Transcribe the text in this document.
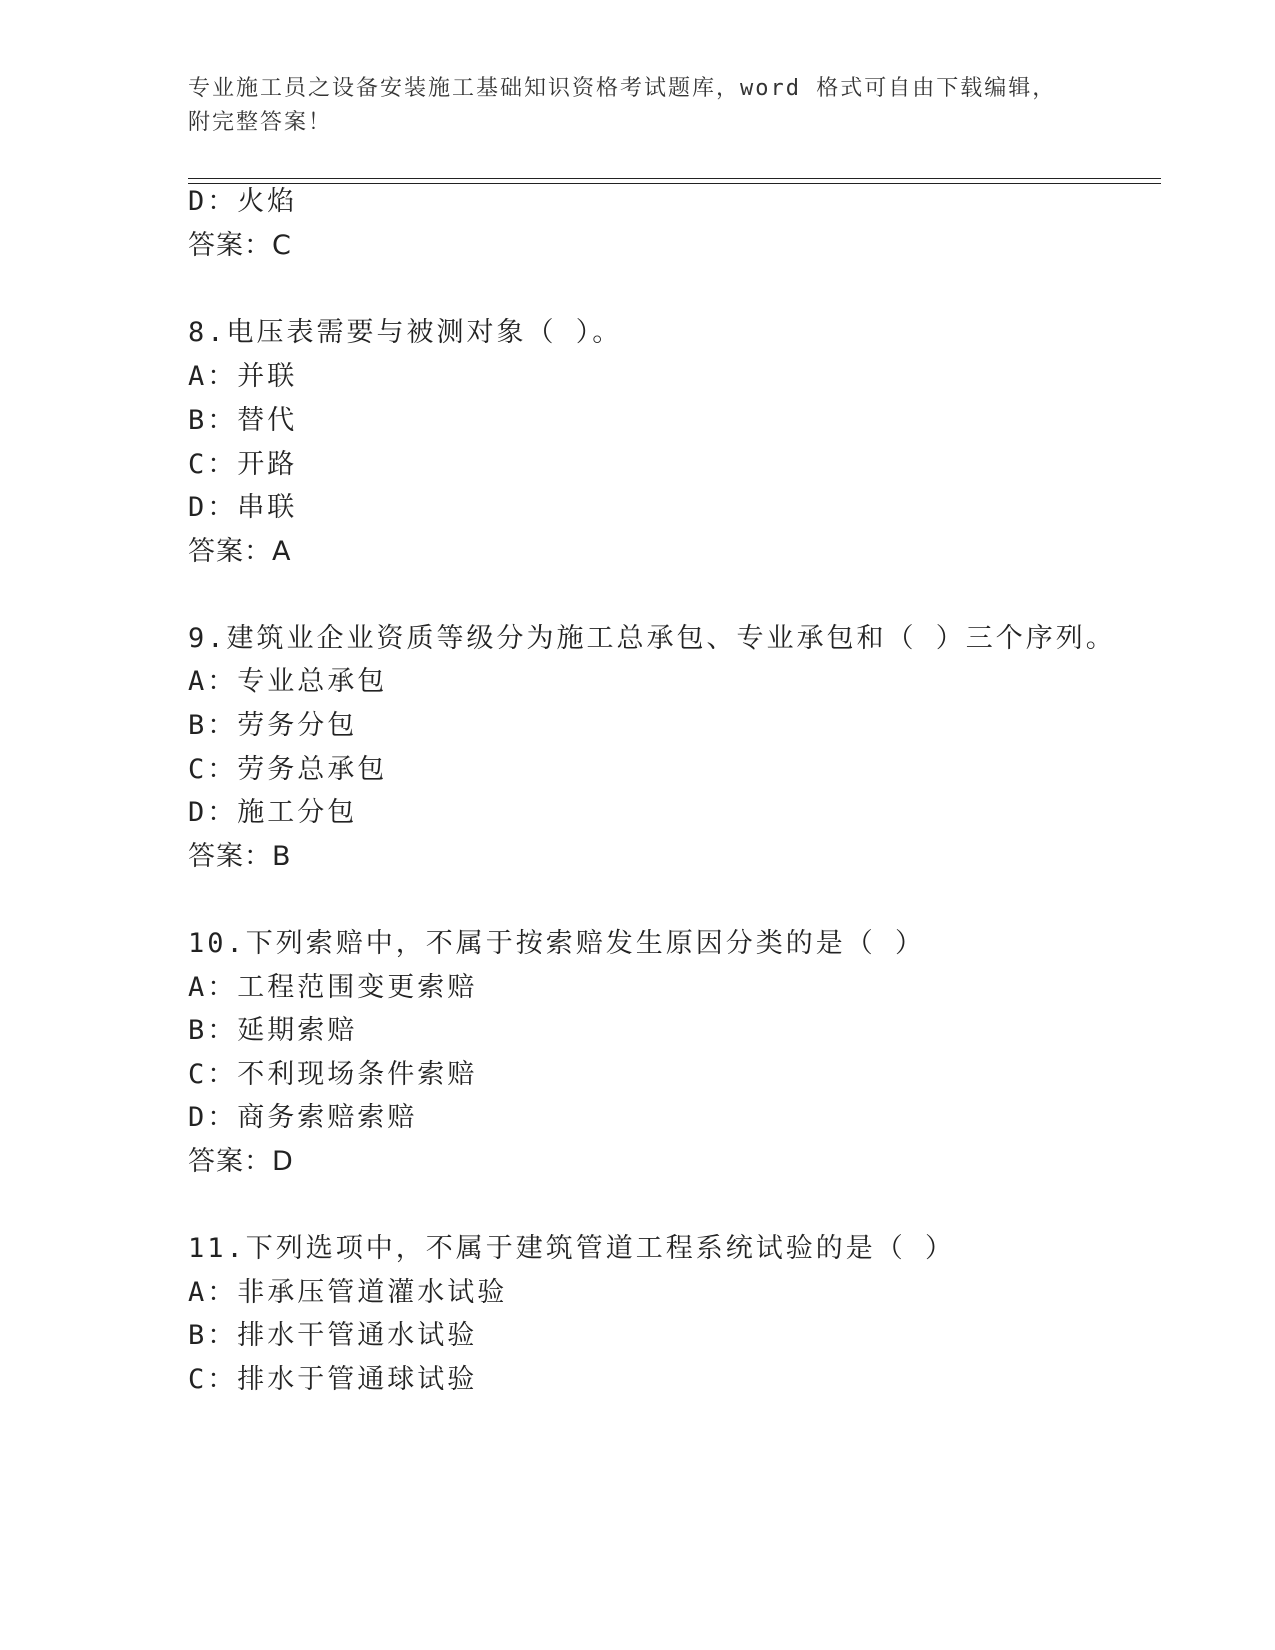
专业施工员之设备安装施工基础知识资格考试题库，word 格式可自由下载编辑，
附完整答案！
D：火焰
答案：C
8.电压表需要与被测对象（ ）。
A：并联
B：替代
C：开路
D：串联
答案：A
9.建筑业企业资质等级分为施工总承包、专业承包和（ ）三个序列。
A：专业总承包
B：劳务分包
C：劳务总承包
D：施工分包
答案：B
10.下列索赔中，不属于按索赔发生原因分类的是（ ）
A：工程范围变更索赔
B：延期索赔
C：不利现场条件索赔
D：商务索赔索赔
答案：D
11.下列选项中，不属于建筑管道工程系统试验的是（ ）
A：非承压管道灌水试验
B：排水干管通水试验
C：排水于管通球试验
